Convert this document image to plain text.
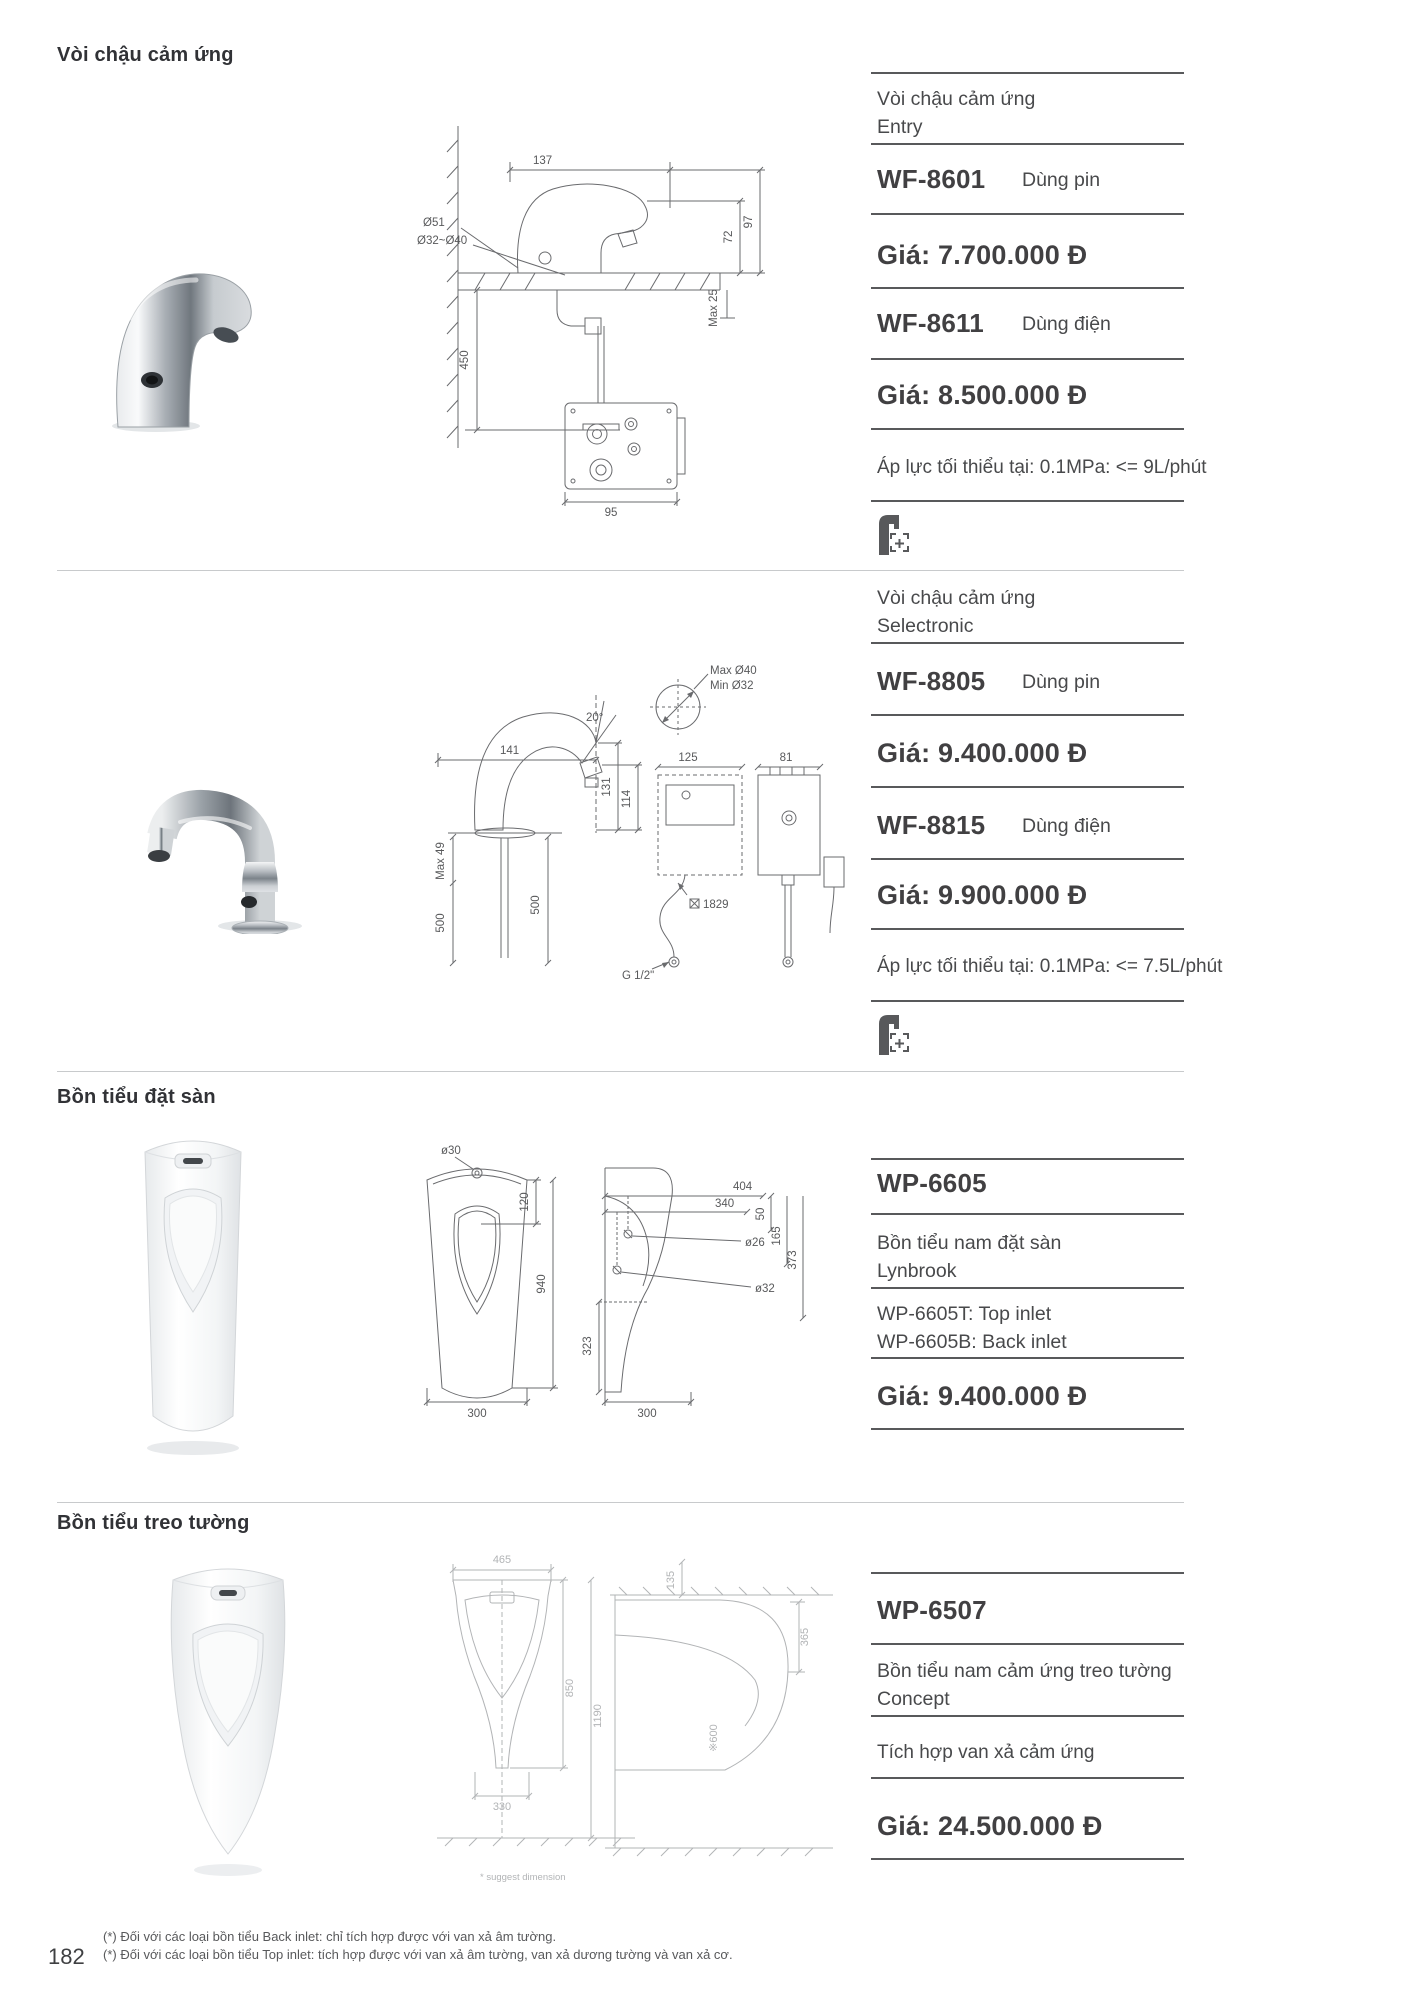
Vòi chậu cảm ứng
137
97
72
Ø51
Ø32~Ø40
450
Max 25
95
Vòi chậu cảm ứng
Entry
WF-8601 Dùng pin
Giá: 7.700.000 Đ
WF-8611 Dùng điện
Giá: 8.500.000 Đ
Áp lực tối thiểu tại: 0.1MPa: <= 9L/phút
Max Ø40
Min Ø32
20°
141
131
114
Max 49
500
500
125	81
1829
G 1/2"
Vòi chậu cảm ứng
Selectronic
WF-8805 Dùng pin
Giá: 9.400.000 Đ
WF-8815 Dùng điện
Giá: 9.900.000 Đ
Áp lực tối thiểu tại: 0.1MPa: <= 7.5L/phút
Bồn tiểu đặt sàn
ø30
120
940
300
404
340
ø26
50
165
373
ø32
323
300
WP-6605
Bồn tiểu nam đặt sàn
Lynbrook
WP-6605T: Top inlet
WP-6605B: Back inlet
Giá: 9.400.000 Đ
Bồn tiểu treo tường
465
850
1190
330
135
365
※600
* suggest dimension
WP-6507
Bồn tiểu nam cảm ứng treo tường
Concept
Tích hợp van xả cảm ứng
Giá: 24.500.000 Đ
(*) Đối với các loại bồn tiểu Back inlet: chỉ tích hợp được với van xả âm tường.
(*) Đối với các loại bồn tiểu Top inlet: tích hợp được với van xả âm tường, van xả dương tường và van xả cơ.
182
